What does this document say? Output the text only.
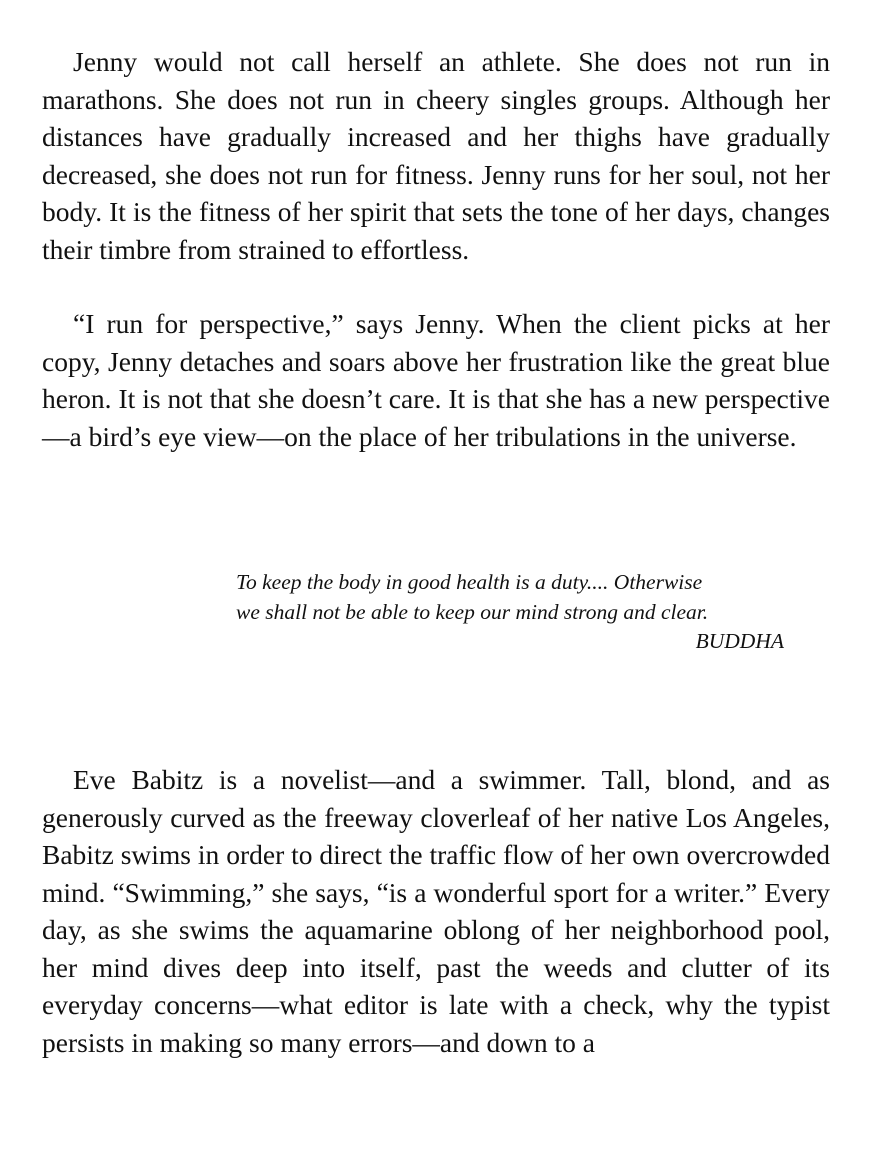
Jenny would not call herself an athlete. She does not run in marathons. She does not run in cheery singles groups. Although her distances have gradually increased and her thighs have gradually decreased, she does not run for fitness. Jenny runs for her soul, not her body. It is the fitness of her spirit that sets the tone of her days, changes their timbre from strained to effortless.

“I run for perspective,” says Jenny. When the client picks at her copy, Jenny detaches and soars above her frustration like the great blue heron. It is not that she doesn’t care. It is that she has a new perspective—a bird’s eye view—on the place of her tribulations in the universe.

To keep the body in good health is a duty.... Otherwise
we shall not be able to keep our mind strong and clear.
BUDDHA

Eve Babitz is a novelist—and a swimmer. Tall, blond, and as generously curved as the freeway cloverleaf of her native Los Angeles, Babitz swims in order to direct the traffic flow of her own overcrowded mind. “Swimming,” she says, “is a wonderful sport for a writer.” Every day, as she swims the aquamarine oblong of her neighborhood pool, her mind dives deep into itself, past the weeds and clutter of its everyday concerns—what editor is late with a check, why the typist persists in making so many errors—and down to a
